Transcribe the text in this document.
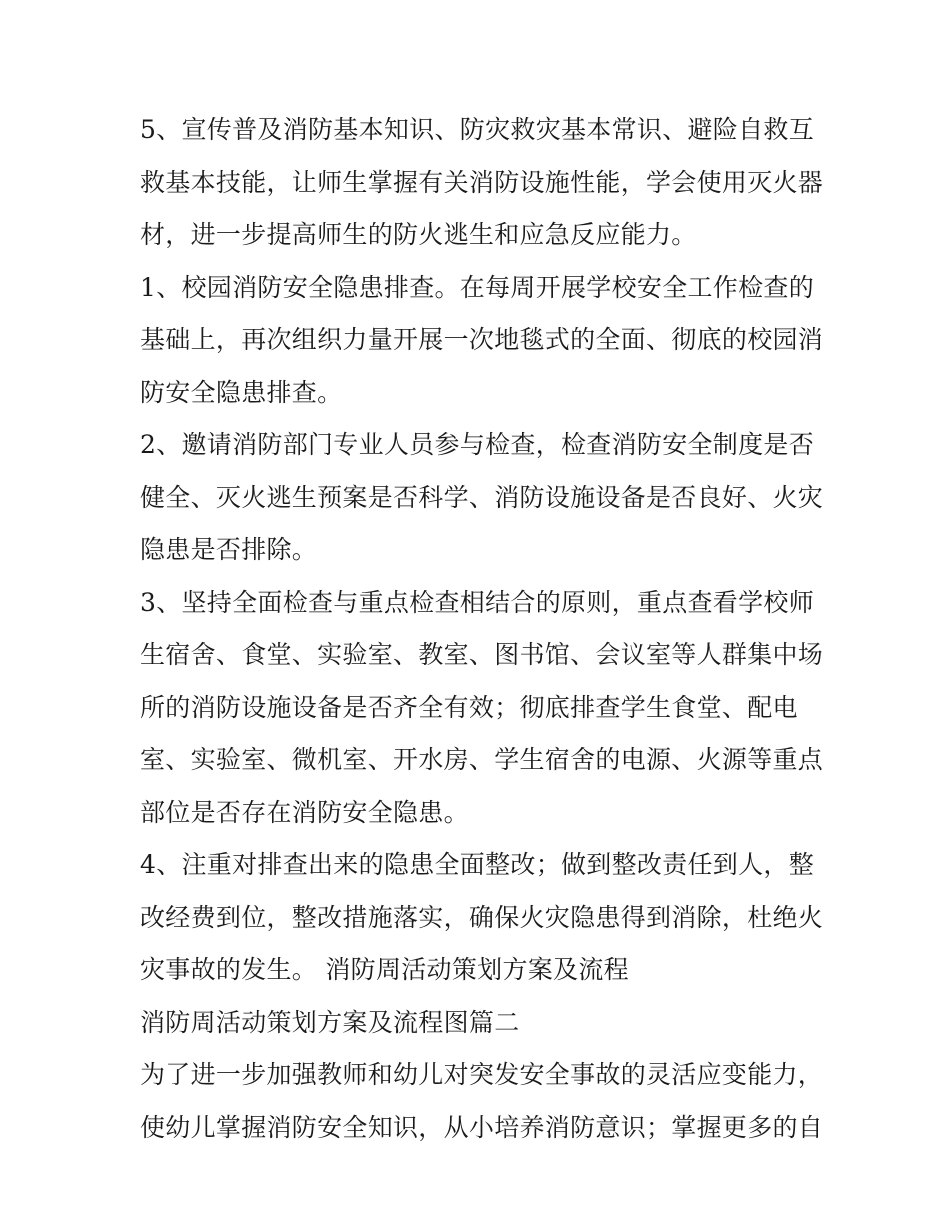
5、宣传普及消防基本知识、防灾救灾基本常识、避险自救互
救基本技能，让师生掌握有关消防设施性能，学会使用灭火器
材，进一步提高师生的防火逃生和应急反应能力。
1、校园消防安全隐患排查。在每周开展学校安全工作检查的
基础上，再次组织力量开展一次地毯式的全面、彻底的校园消
防安全隐患排查。
2、邀请消防部门专业人员参与检查，检查消防安全制度是否
健全、灭火逃生预案是否科学、消防设施设备是否良好、火灾
隐患是否排除。
3、坚持全面检查与重点检查相结合的原则，重点查看学校师
生宿舍、食堂、实验室、教室、图书馆、会议室等人群集中场
所的消防设施设备是否齐全有效；彻底排查学生食堂、配电
室、实验室、微机室、开水房、学生宿舍的电源、火源等重点
部位是否存在消防安全隐患。
4、注重对排查出来的隐患全面整改；做到整改责任到人，整
改经费到位，整改措施落实，确保火灾隐患得到消除，杜绝火
灾事故的发生。 消防周活动策划方案及流程
消防周活动策划方案及流程图篇二
为了进一步加强教师和幼儿对突发安全事故的灵活应变能力，
使幼儿掌握消防安全知识，从小培养消防意识；掌握更多的自
